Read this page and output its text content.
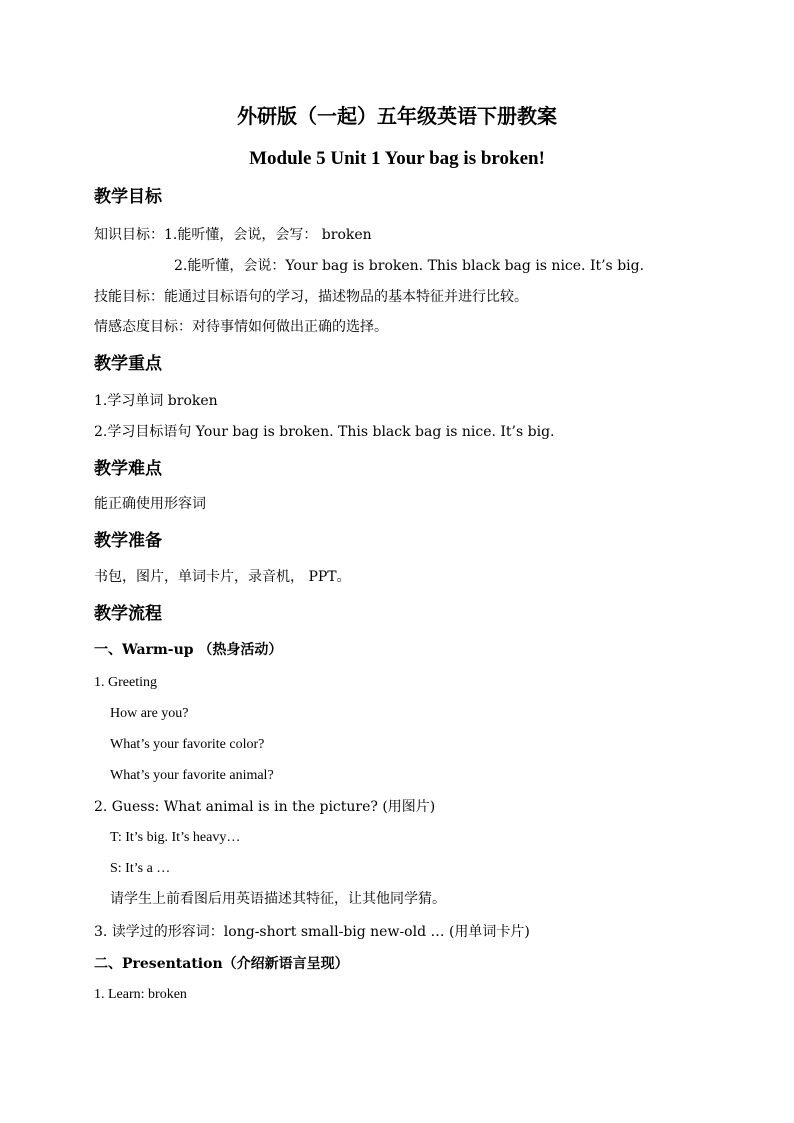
外研版（一起）五年级英语下册教案
Module 5 Unit 1 Your bag is broken!
教学目标
知识目标：1.能听懂，会说，会写： broken
2.能听懂，会说：Your bag is broken. This black bag is nice. It’s big.
技能目标：能通过目标语句的学习，描述物品的基本特征并进行比较。
情感态度目标：对待事情如何做出正确的选择。
教学重点
1.学习单词 broken
2.学习目标语句 Your bag is broken. This black bag is nice. It’s big.
教学难点
能正确使用形容词
教学准备
书包，图片，单词卡片，录音机， PPT。
教学流程
一、Warm-up （热身活动）
1. Greeting
How are you?
What’s your favorite color?
What’s your favorite animal?
2. Guess: What animal is in the picture? (用图片)
T: It’s big. It’s heavy…
S: It’s a …
请学生上前看图后用英语描述其特征，让其他同学猜。
3. 读学过的形容词：long-short small-big new-old … (用单词卡片)
二、Presentation（介绍新语言呈现）
1. Learn: broken
